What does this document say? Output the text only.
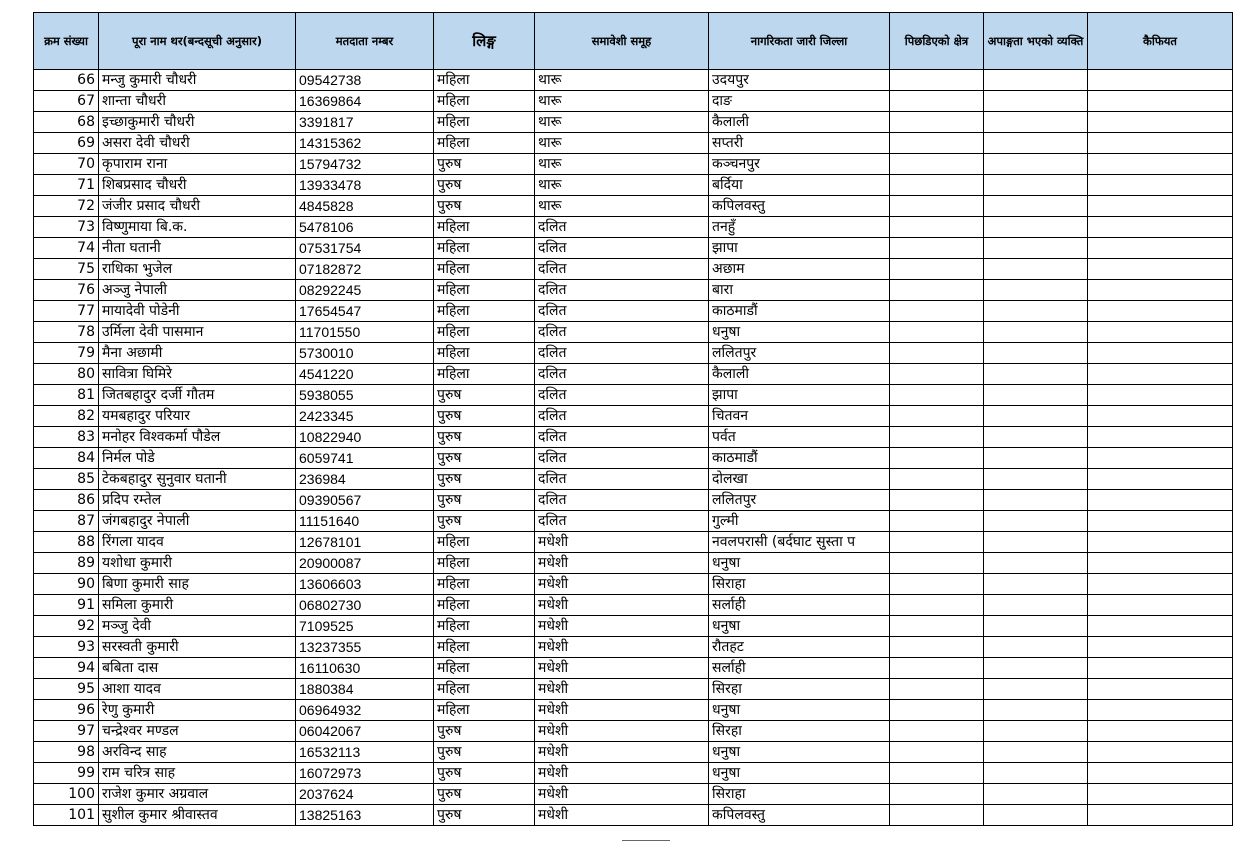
क्रम संख्या	पूरा नाम थर(बन्दसूची अनुसार)	मतदाता नम्बर	लिङ्ग	समावेशी समूह	नागरिकता जारी जिल्ला	पिछडिएको क्षेत्र	अपाङ्गता भएको व्यक्ति	कैफियत
66	मन्जु कुमारी चौधरी	09542738	महिला	थारू	उदयपुर			
67	शान्ता चौधरी	16369864	महिला	थारू	दाङ			
68	इच्छाकुमारी चौधरी	3391817	महिला	थारू	कैलाली			
69	असरा देवी चौधरी	14315362	महिला	थारू	सप्तरी			
70	कृपाराम राना	15794732	पुरुष	थारू	कञ्चनपुर			
71	शिबप्रसाद चौधरी	13933478	पुरुष	थारू	बर्दिया			
72	जंजीर प्रसाद चौधरी	4845828	पुरुष	थारू	कपिलवस्तु			
73	विष्णुमाया बि.क.	5478106	महिला	दलित	तनहुँ			
74	नीता घतानी	07531754	महिला	दलित	झापा			
75	राधिका भुजेल	07182872	महिला	दलित	अछाम			
76	अञ्जु नेपाली	08292245	महिला	दलित	बारा			
77	मायादेवी पोडेनी	17654547	महिला	दलित	काठमाडौं			
78	उर्मिला देवी पासमान	11701550	महिला	दलित	धनुषा			
79	मैना अछामी	5730010	महिला	दलित	ललितपुर			
80	सावित्रा घिमिरे	4541220	महिला	दलित	कैलाली			
81	जितबहादुर दर्जी गौतम	5938055	पुरुष	दलित	झापा			
82	यमबहादुर परियार	2423345	पुरुष	दलित	चितवन			
83	मनोहर विश्वकर्मा पौडेल	10822940	पुरुष	दलित	पर्वत			
84	निर्मल पोडे	6059741	पुरुष	दलित	काठमाडौं			
85	टेकबहादुर सुनुवार घतानी	236984	पुरुष	दलित	दोलखा			
86	प्रदिप रम्तेल	09390567	पुरुष	दलित	ललितपुर			
87	जंगबहादुर नेपाली	11151640	पुरुष	दलित	गुल्मी			
88	रिंगला यादव	12678101	महिला	मधेशी	नवलपरासी (बर्दघाट सुस्ता प			
89	यशोधा कुमारी	20900087	महिला	मधेशी	धनुषा			
90	बिणा कुमारी साह	13606603	महिला	मधेशी	सिराहा			
91	समिला कुमारी	06802730	महिला	मधेशी	सर्लाही			
92	मञ्जु देवी	7109525	महिला	मधेशी	धनुषा			
93	सरस्वती कुमारी	13237355	महिला	मधेशी	रौतहट			
94	बबिता दास	16110630	महिला	मधेशी	सर्लाही			
95	आशा यादव	1880384	महिला	मधेशी	सिरहा			
96	रेणु कुमारी	06964932	महिला	मधेशी	धनुषा			
97	चन्द्रेश्वर मण्डल	06042067	पुरुष	मधेशी	सिरहा			
98	अरविन्द साह	16532113	पुरुष	मधेशी	धनुषा			
99	राम चरित्र साह	16072973	पुरुष	मधेशी	धनुषा			
100	राजेश कुमार अग्रवाल	2037624	पुरुष	मधेशी	सिराहा			
101	सुशील कुमार श्रीवास्तव	13825163	पुरुष	मधेशी	कपिलवस्तु			
